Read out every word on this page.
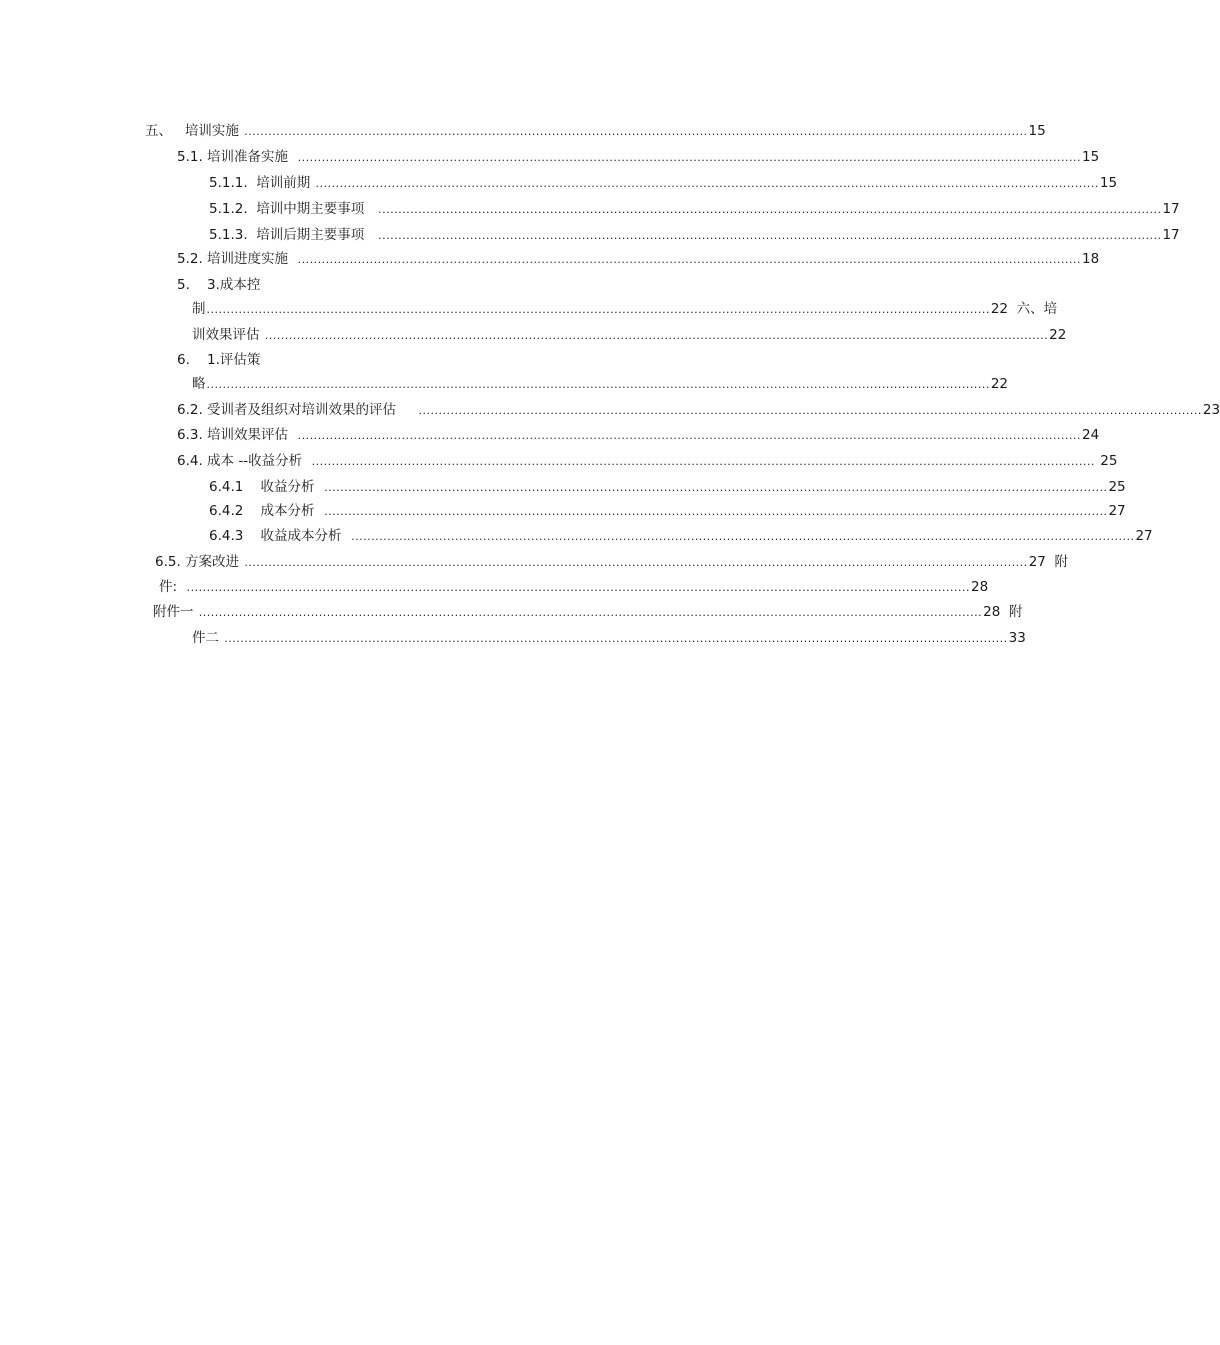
五、   培训实施 .................................................................................................................................................................................................... 15
5.1. 培训准备实施 .................................................................................................................................................................................................... 15
5.1.1.  培训前期 .................................................................................................................................................................................................... 15
5.1.2.  培训中期主要事项 .................................................................................................................................................................................................... 17
5.1.3.  培训后期主要事项 .................................................................................................................................................................................................... 17
5.2. 培训进度实施 .................................................................................................................................................................................................... 18
5.    3.成本控
制 .................................................................................................................................................................................................... 22  六、培
训效果评估 .................................................................................................................................................................................................... 22
6.    1.评估策
略 .................................................................................................................................................................................................... 22
6.2. 受训者及组织对培训效果的评估 .................................................................................................................................................................................................... 23
6.3. 培训效果评估 .................................................................................................................................................................................................... 24
6.4. 成本 --收益分析 .................................................................................................................................................................................................... 25
6.4.1    收益分析 .................................................................................................................................................................................................... 25
6.4.2    成本分析 .................................................................................................................................................................................................... 27
6.4.3    收益成本分析 .................................................................................................................................................................................................... 27
6.5. 方案改进 .................................................................................................................................................................................................... 27  附
件: .................................................................................................................................................................................................... 28
附件一 .................................................................................................................................................................................................... 28  附
件二 .................................................................................................................................................................................................... 33
